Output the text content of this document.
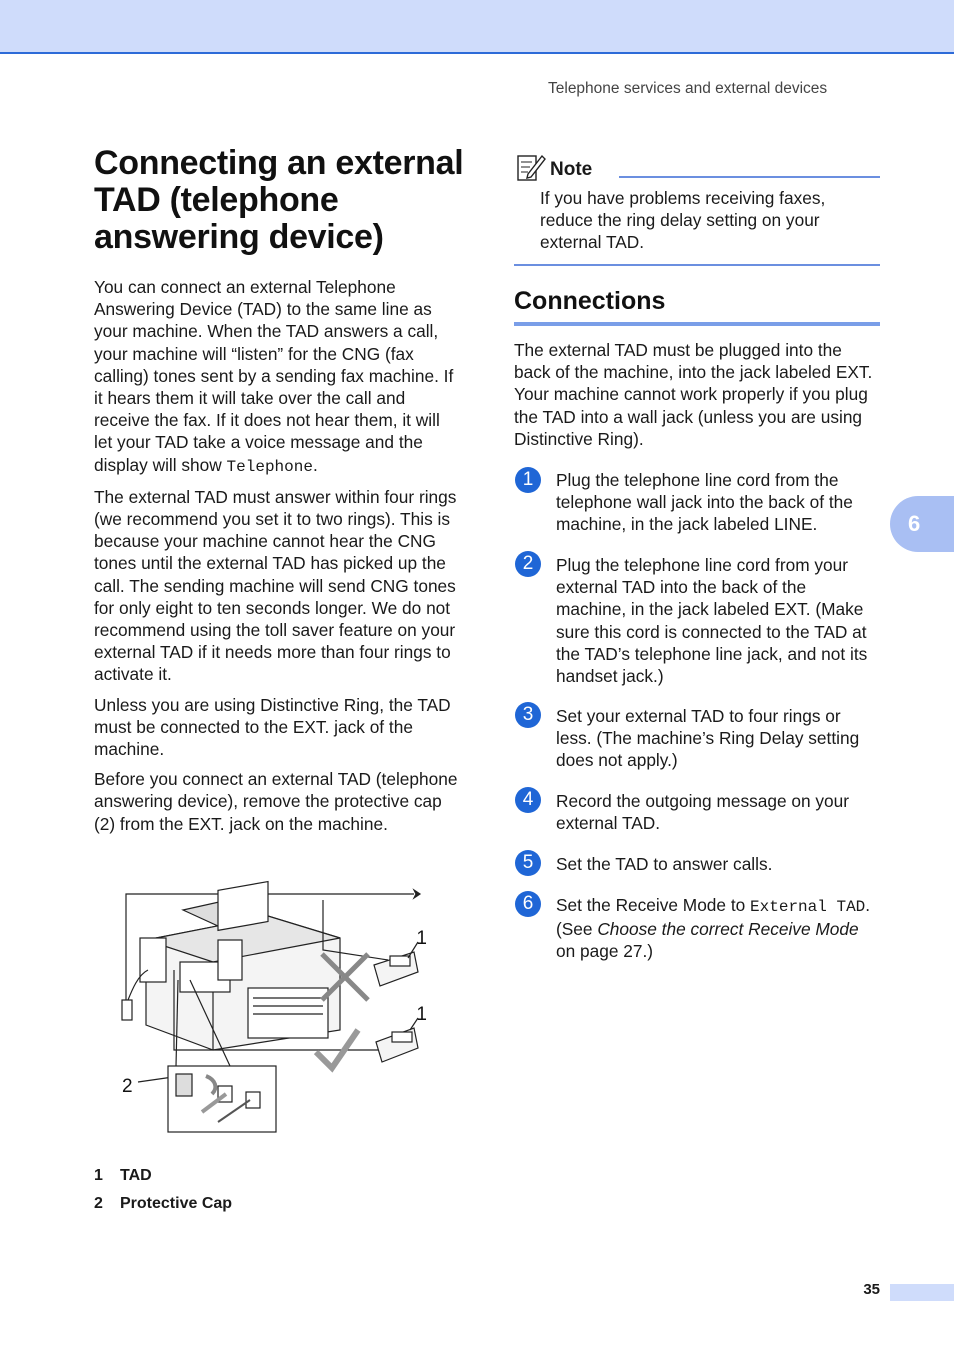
Telephone services and external devices
Connecting an external TAD (telephone answering device)

You can connect an external Telephone Answering Device (TAD) to the same line as your machine. When the TAD answers a call, your machine will “listen” for the CNG (fax calling) tones sent by a sending fax machine. If it hears them it will take over the call and receive the fax. If it does not hear them, it will let your TAD take a voice message and the display will show Telephone.

The external TAD must answer within four rings (we recommend you set it to two rings). This is because your machine cannot hear the CNG tones until the external TAD has picked up the call. The sending machine will send CNG tones for only eight to ten seconds longer. We do not recommend using the toll saver feature on your external TAD if it needs more than four rings to activate it.

Unless you are using Distinctive Ring, the TAD must be connected to the EXT. jack of the machine.

Before you connect an external TAD (telephone answering device), remove the protective cap (2) from the EXT. jack on the machine.

1
1
2
1 TAD
2 Protective Cap
Note
If you have problems receiving faxes, reduce the ring delay setting on your external TAD.
Connections
The external TAD must be plugged into the back of the machine, into the jack labeled EXT. Your machine cannot work properly if you plug the TAD into a wall jack (unless you are using Distinctive Ring).
1	Plug the telephone line cord from the telephone wall jack into the back of the machine, in the jack labeled LINE.
2	Plug the telephone line cord from your external TAD into the back of the machine, in the jack labeled EXT. (Make sure this cord is connected to the TAD at the TAD’s telephone line jack, and not its handset jack.)
3	Set your external TAD to four rings or less. (The machine’s Ring Delay setting does not apply.)
4	Record the outgoing message on your external TAD.
5	Set the TAD to answer calls.
6	Set the Receive Mode to External TAD. (See Choose the correct Receive Mode on page 27.)
6
35
